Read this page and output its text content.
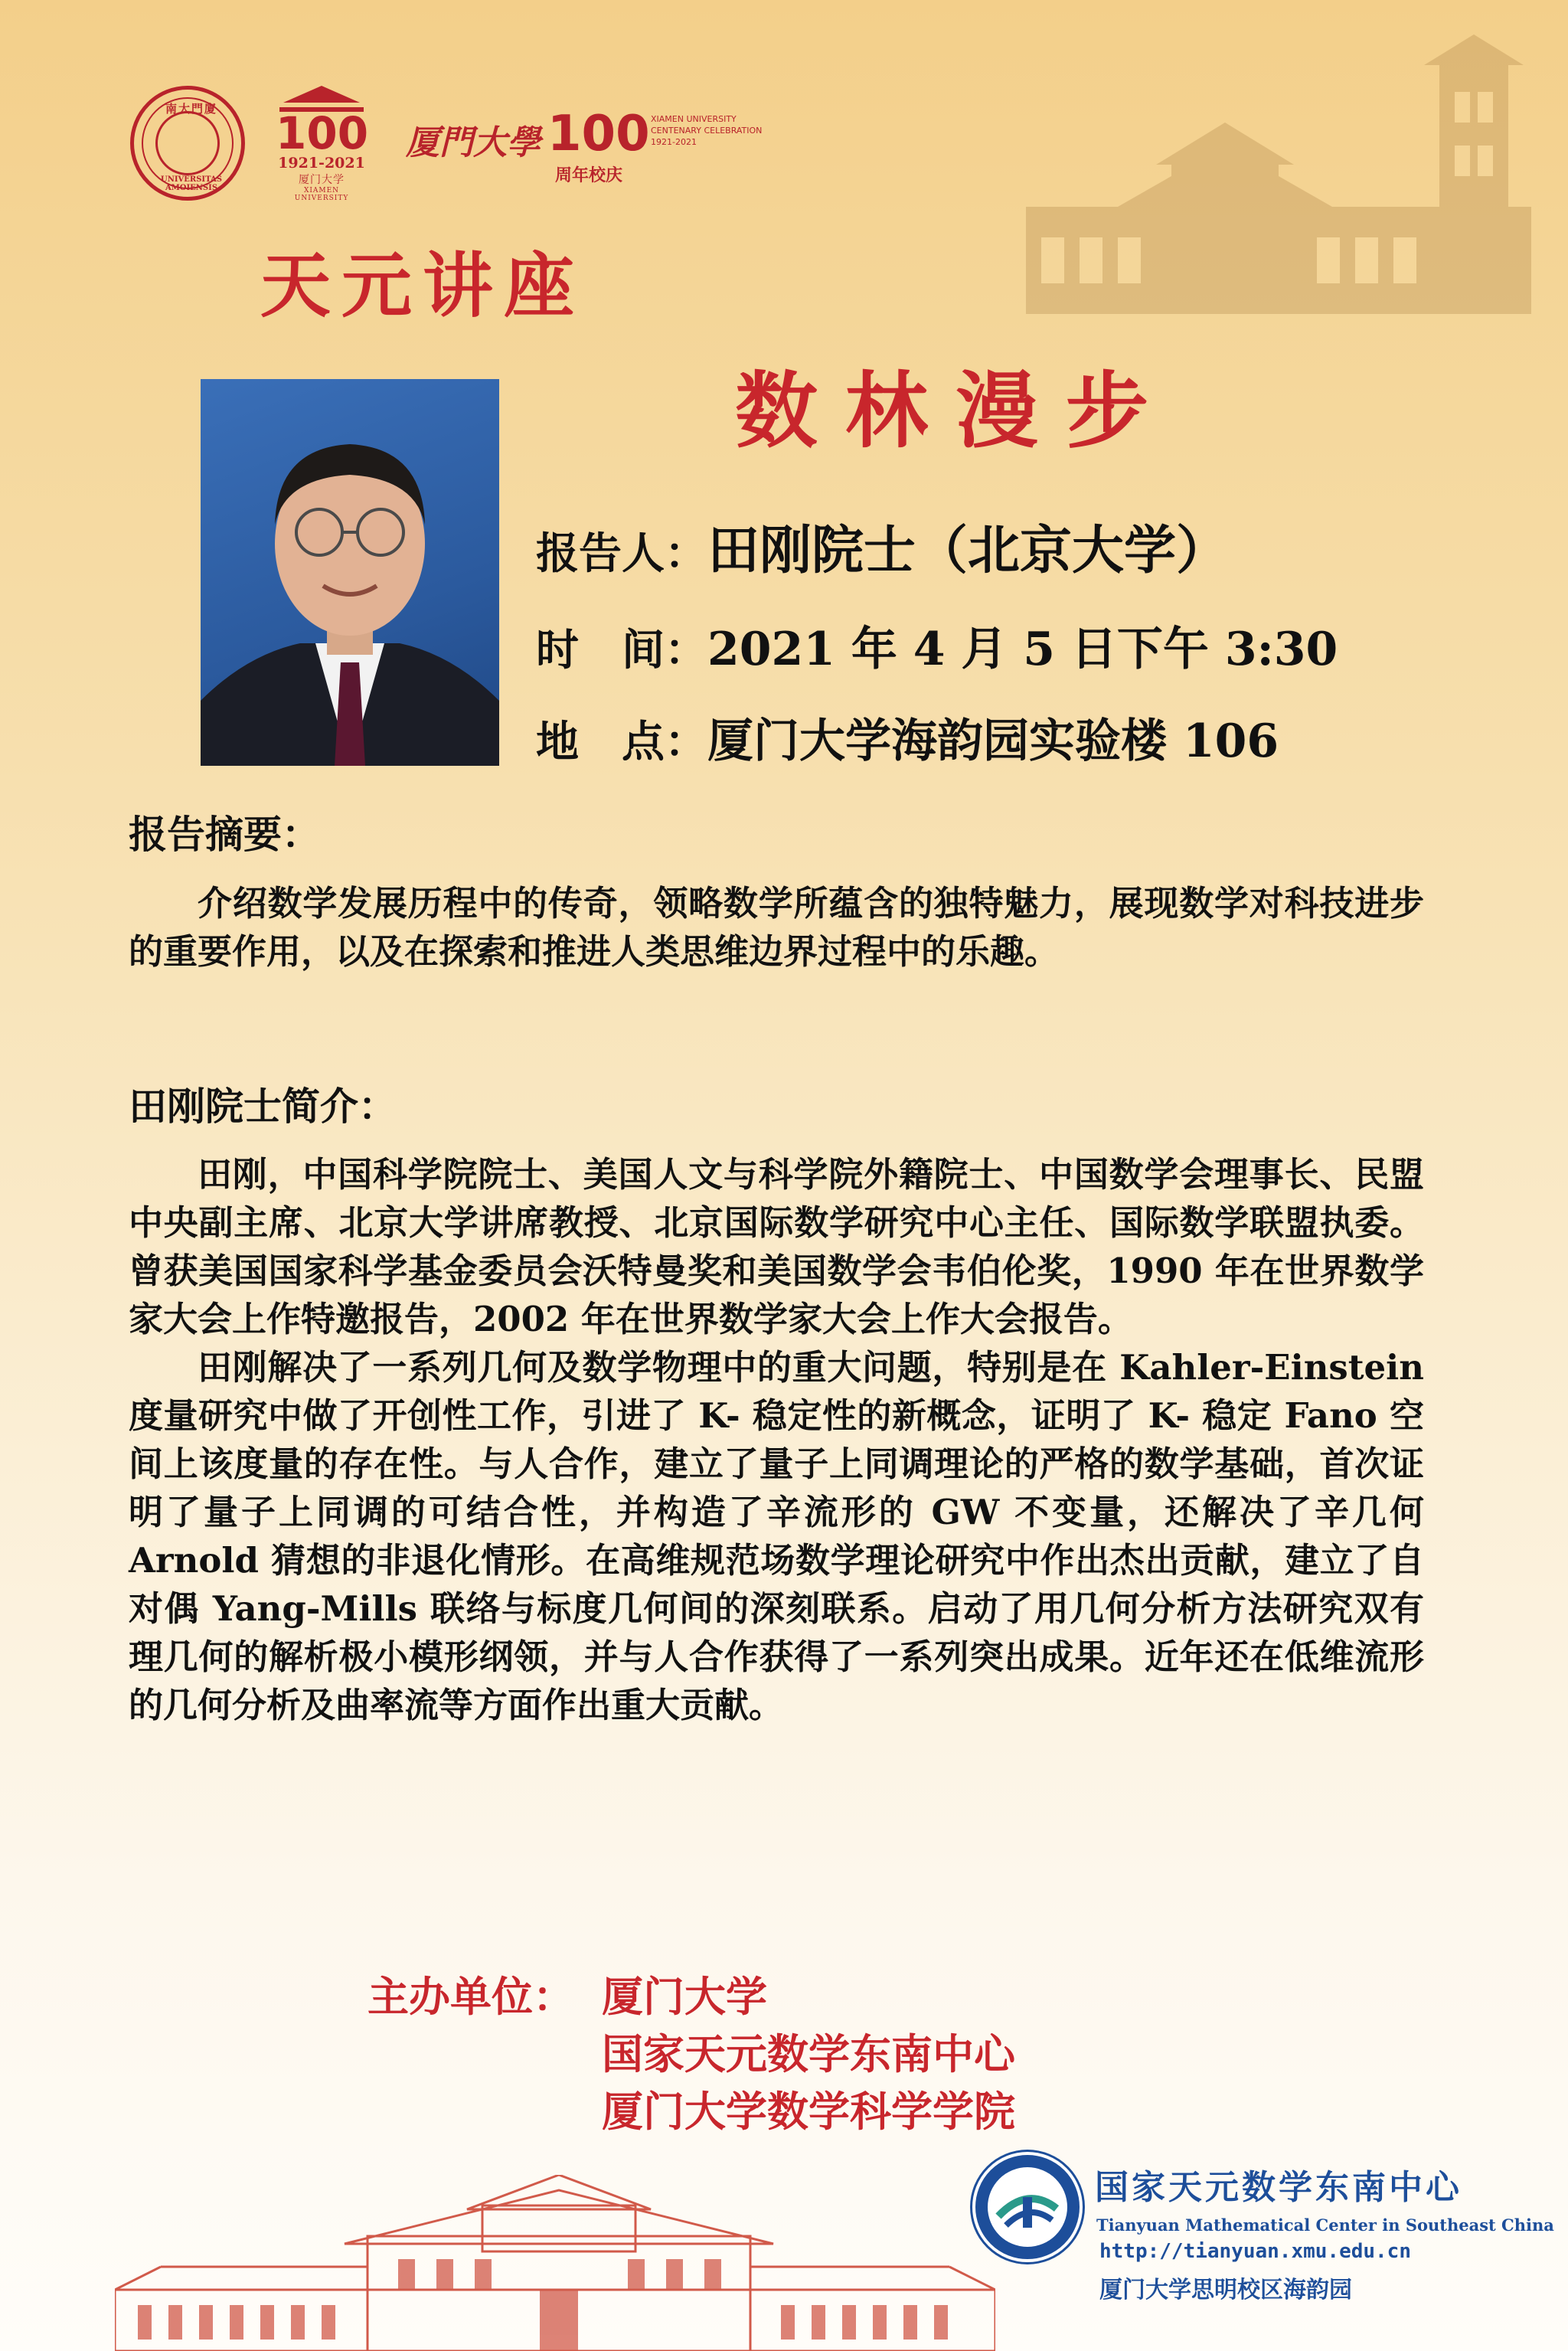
南大門廈
UNIVERSITAS AMOIENSIS
100
1921-2021
厦门大学
XIAMEN UNIVERSITY
厦門大學 100
周年校庆
XIAMEN UNIVERSITY
CENTENARY CELEBRATION
1921-2021
天元讲座
数林漫步
报告人：田刚院士（北京大学）
时　间：2021 年 4 月 5 日下午 3:30
地　点：厦门大学海韵园实验楼 106
报告摘要：

介绍数学发展历程中的传奇，领略数学所蕴含的独特魅力，展现数学对科技进步的重要作用，以及在探索和推进人类思维边界过程中的乐趣。

田刚院士简介：

田刚，中国科学院院士、美国人文与科学院外籍院士、中国数学会理事长、民盟中央副主席、北京大学讲席教授、北京国际数学研究中心主任、国际数学联盟执委。曾获美国国家科学基金委员会沃特曼奖和美国数学会韦伯伦奖，1990 年在世界数学家大会上作特邀报告，2002 年在世界数学家大会上作大会报告。

田刚解决了一系列几何及数学物理中的重大问题，特别是在 Kahler-Einstein 度量研究中做了开创性工作，引进了 K- 稳定性的新概念，证明了 K- 稳定 Fano 空间上该度量的存在性。与人合作，建立了量子上同调理论的严格的数学基础，首次证明了量子上同调的可结合性，并构造了辛流形的 GW 不变量，还解决了辛几何 Arnold 猜想的非退化情形。在高维规范场数学理论研究中作出杰出贡献，建立了自对偶 Yang-Mills 联络与标度几何间的深刻联系。启动了用几何分析方法研究双有理几何的解析极小模形纲领，并与人合作获得了一系列突出成果。近年还在低维流形的几何分析及曲率流等方面作出重大贡献。

主办单位： 厦门大学
国家天元数学东南中心
厦门大学数学科学学院
国家天元数学东南中心
Tianyuan Mathematical Center in Southeast China
http://tianyuan.xmu.edu.cn
厦门大学思明校区海韵园
